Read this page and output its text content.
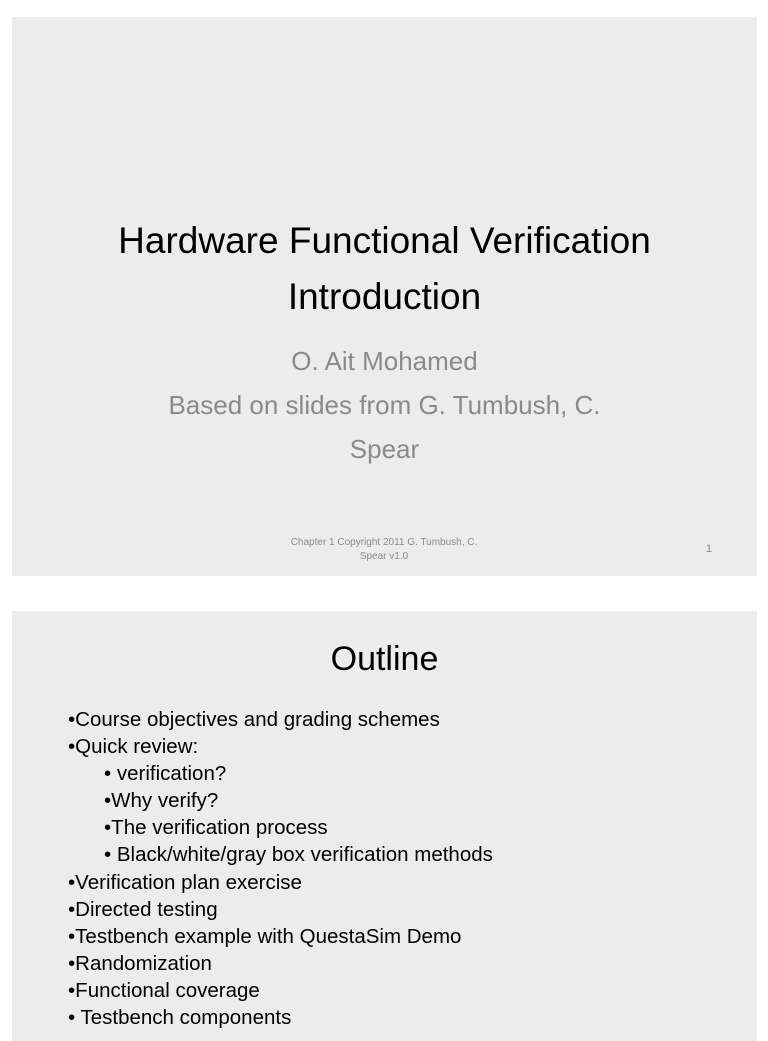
Hardware Functional Verification
Introduction
O. Ait Mohamed
Based on slides from G. Tumbush, C.
Spear
Chapter 1 Copyright 2011 G. Tumbush, C.
Spear v1.0
1
Outline
•Course objectives and grading schemes
•Quick review:
• verification?
•Why verify?
•The verification process
• Black/white/gray box verification methods
•Verification plan exercise
•Directed testing
•Testbench example with QuestaSim Demo
•Randomization
•Functional coverage
• Testbench components
